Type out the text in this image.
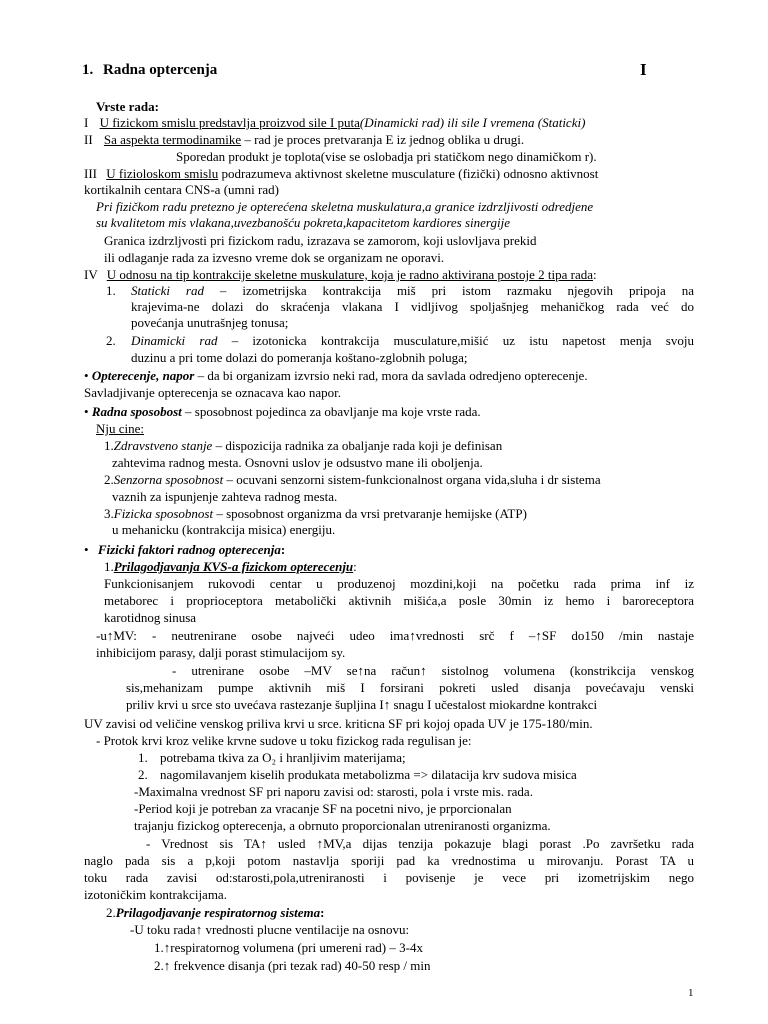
1. Radna optercenja	I
Vrste rada:
I U fizickom smislu predstavlja proizvod sile I puta(Dinamicki rad) ili sile I vremena (Staticki)
II Sa aspekta termodinamike – rad je proces pretvaranja E iz jednog oblika u drugi.
Sporedan produkt je toplota(vise se oslobadja pri statičkom nego dinamičkom r).
III U fizioloskom smislu podrazumeva aktivnost skeletne musculature (fizički) odnosno aktivnost
kortikalnih centara CNS-a (umni rad)
Pri fizičkom radu pretezno je opterećena skeletna muskulatura,a granice izdrzljivosti odredjene
su kvalitetom mis vlakana,uvezbanošću pokreta,kapacitetom kardiores sinergije
Granica izdrzljvosti pri fizickom radu, izrazava se zamorom, koji uslovljava prekid
ili odlaganje rada za izvesno vreme dok se organizam ne oporavi.
IV U odnosu na tip kontrakcije skeletne muskulature, koja je radno aktivirana postoje 2 tipa rada:
1. Staticki rad – izometrijska kontrakcija miš pri istom razmaku njegovih pripoja na
krajevima-ne dolazi do skraćenja vlakana I vidljivog spoljašnjeg mehaničkog rada već do
povećanja unutrašnjeg tonusa;
2. Dinamicki rad – izotonicka kontrakcija musculature,mišić uz istu napetost menja svoju
duzinu a pri tome dolazi do pomeranja koštano-zglobnih poluga;
• Opterecenje, napor – da bi organizam izvrsio neki rad, mora da savlada odredjeno opterecenje.
Savladjivanje opterecenja se oznacava kao napor.
• Radna sposobost – sposobnost pojedinca za obavljanje ma koje vrste rada.
Nju cine:
1.Zdravstveno stanje – dispozicija radnika za obaljanje rada koji je definisan
zahtevima radnog mesta. Osnovni uslov je odsustvo mane ili oboljenja.
2.Senzorna sposobnost – ocuvani senzorni sistem-funkcionalnost organa vida,sluha i dr sistema
vaznih za ispunjenje zahteva radnog mesta.
3.Fizicka sposobnost – sposobnost organizma da vrsi pretvaranje hemijske (ATP)
u mehanicku (kontrakcija misica) energiju.
• Fizicki faktori radnog opterecenja:
1.Prilagodjavanja KVS-a fizickom opterecenju:
Funkcionisanjem rukovodi centar u produzenoj mozdini,koji na početku rada prima inf iz
metaborec i proprioceptora metabolički aktivnih mišića,a posle 30min iz hemo i baroreceptora
karotidnog sinusa
-u↑MV: - neutrenirane osobe najveći udeo ima↑vrednosti srč f –↑SF do150 /min nastaje
inhibicijom parasy, dalji porast stimulacijom sy.
- utrenirane osobe –MV se↑na račun↑ sistolnog volumena (konstrikcija venskog
sis,mehanizam pumpe aktivnih miš I forsirani pokreti usled disanja povećavaju venski
priliv krvi u srce sto uvećava rastezanje šupljina I↑ snagu I učestalost miokardne kontrakci
UV zavisi od veličine venskog priliva krvi u srce. kriticna SF pri kojoj opada UV je 175-180/min.
- Protok krvi kroz velike krvne sudove u toku fizickog rada regulisan je:
1. potrebama tkiva za O₂ i hranljivim materijama;
2. nagomilavanjem kiselih produkata metabolizma => dilatacija krv sudova misica
-Maximalna vrednost SF pri naporu zavisi od: starosti, pola i vrste mis. rada.
-Period koji je potreban za vracanje SF na pocetni nivo, je prporcionalan
trajanju fizickog opterecenja, a obrnuto proporcionalan utreniranosti organizma.
- Vrednost sis TA↑ usled ↑MV,a dijas tenzija pokazuje blagi porast .Po završetku rada
naglo pada sis a p,koji potom nastavlja sporiji pad ka vrednostima u mirovanju. Porast TA u
toku rada zavisi od:starosti,pola,utreniranosti i povisenje je vece pri izometrijskim nego
izotoničkim kontrakcijama.
2.Prilagodjavanje respiratornog sistema:
-U toku rada↑ vrednosti plucne ventilacije na osnovu:
1.↑respiratornog volumena (pri umereni rad) – 3-4x
2.↑ frekvence disanja (pri tezak rad) 40-50 resp / min
1
